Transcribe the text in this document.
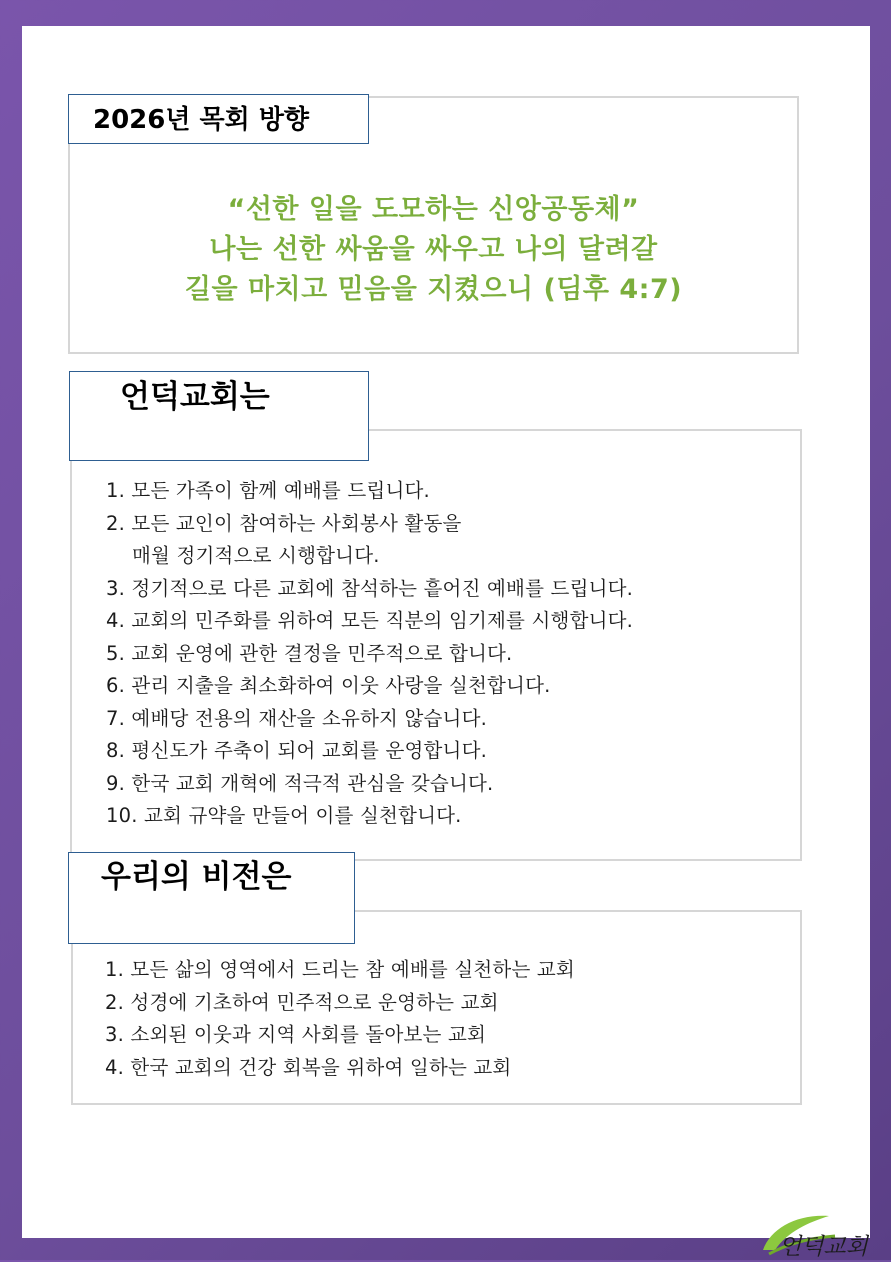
“선한 일을 도모하는 신앙공동체”
나는 선한 싸움을 싸우고 나의 달려갈
길을 마치고 믿음을 지켰으니 (딤후 4:7)
2026년 목회 방향
1. 모든 가족이 함께 예배를 드립니다.
2. 모든 교인이 참여하는 사회봉사 활동을
매월 정기적으로 시행합니다.
3. 정기적으로 다른 교회에 참석하는 흩어진 예배를 드립니다.
4. 교회의 민주화를 위하여 모든 직분의 임기제를 시행합니다.
5. 교회 운영에 관한 결정을 민주적으로 합니다.
6. 관리 지출을 최소화하여 이웃 사랑을 실천합니다.
7. 예배당 전용의 재산을 소유하지 않습니다.
8. 평신도가 주축이 되어 교회를 운영합니다.
9. 한국 교회 개혁에 적극적 관심을 갖습니다.
10. 교회 규약을 만들어 이를 실천합니다.
언덕교회는
1. 모든 삶의 영역에서 드리는 참 예배를 실천하는 교회
2. 성경에 기초하여 민주적으로 운영하는 교회
3. 소외된 이웃과 지역 사회를 돌아보는 교회
4. 한국 교회의 건강 회복을 위하여 일하는 교회
우리의 비전은
언덕교회
